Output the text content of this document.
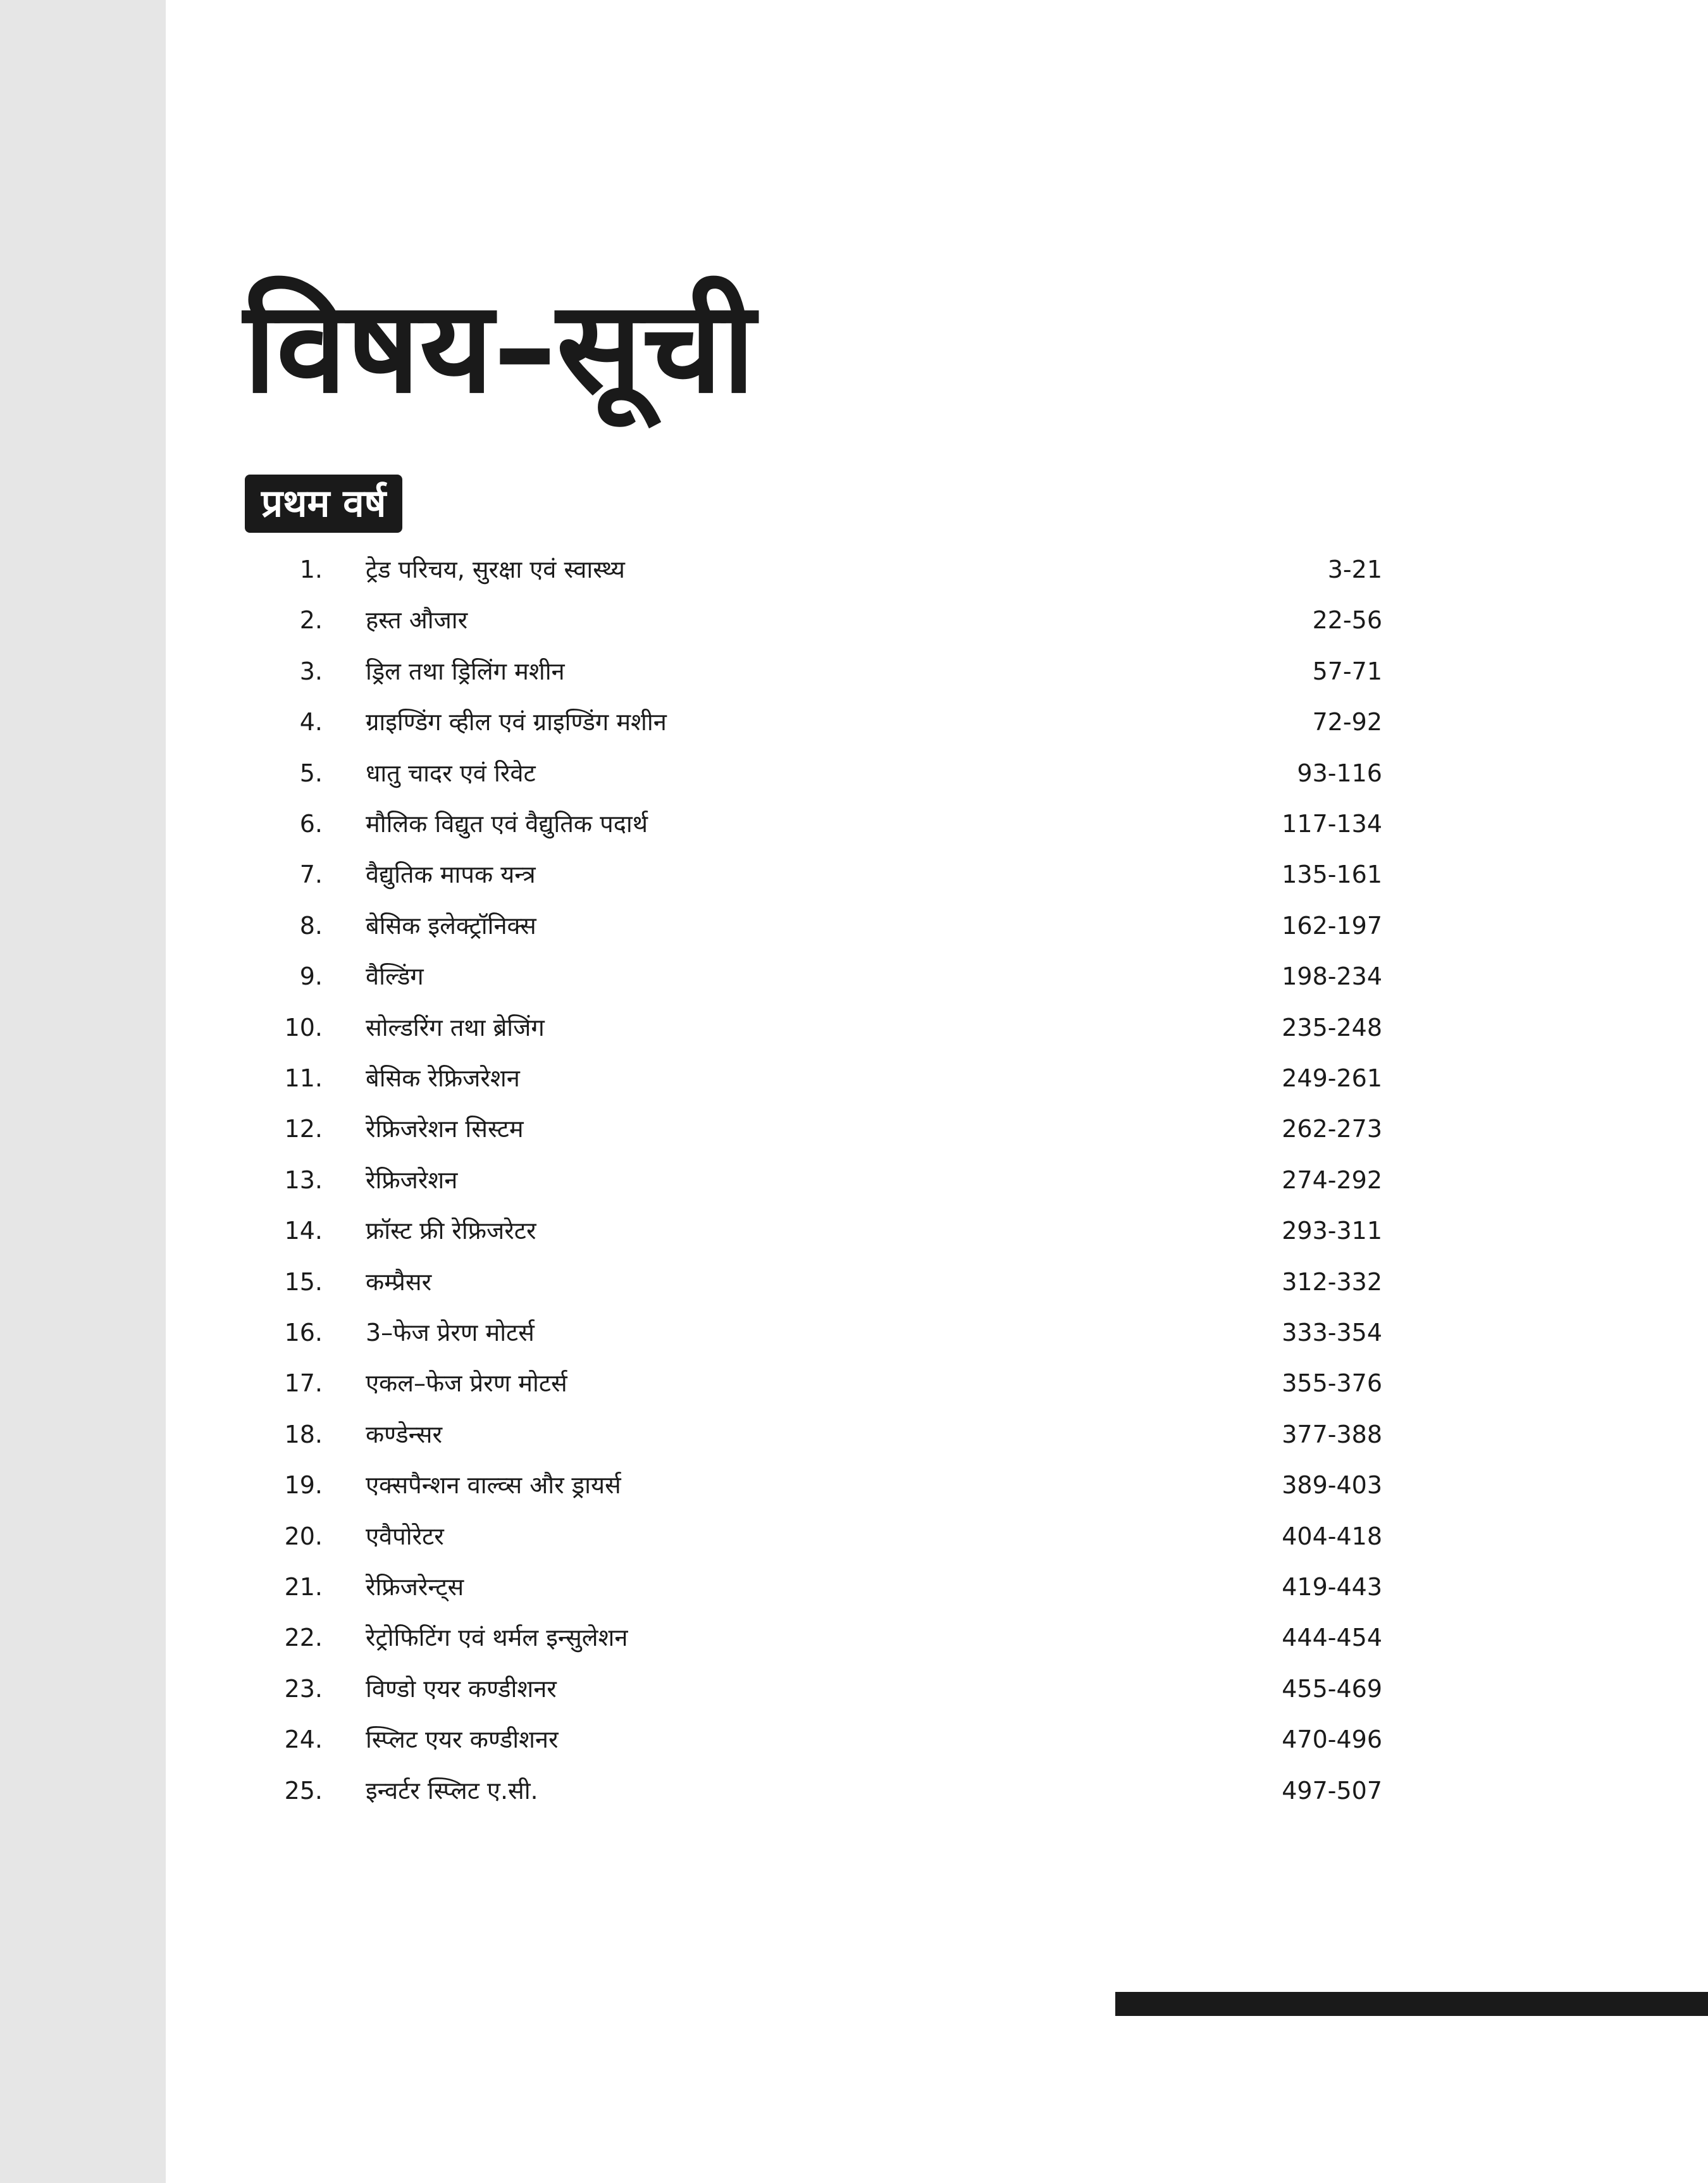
विषय–सूची
प्रथम वर्ष
1. ट्रेड परिचय, सुरक्षा एवं स्वास्थ्य	3-21
2. हस्त औजार	22-56
3. ड्रिल तथा ड्रिलिंग मशीन	57-71
4. ग्राइण्डिंग व्हील एवं ग्राइण्डिंग मशीन	72-92
5. धातु चादर एवं रिवेट	93-116
6. मौलिक विद्युत एवं वैद्युतिक पदार्थ	117-134
7. वैद्युतिक मापक यन्त्र	135-161
8. बेसिक इलेक्ट्रॉनिक्स	162-197
9. वैल्डिंग	198-234
10. सोल्डरिंग तथा ब्रेजिंग	235-248
11. बेसिक रेफ्रिजरेशन	249-261
12. रेफ्रिजरेशन सिस्टम	262-273
13. रेफ्रिजरेशन	274-292
14. फ्रॉस्ट फ्री रेफ्रिजरेटर	293-311
15. कम्प्रैसर	312-332
16. 3–फेज प्रेरण मोटर्स	333-354
17. एकल–फेज प्रेरण मोटर्स	355-376
18. कण्डेन्सर	377-388
19. एक्सपैन्शन वाल्व्स और ड्रायर्स	389-403
20. एवैपोरेटर	404-418
21. रेफ्रिजरेन्ट्स	419-443
22. रेट्रोफिटिंग एवं थर्मल इन्सुलेशन	444-454
23. विण्डो एयर कण्डीशनर	455-469
24. स्प्लिट एयर कण्डीशनर	470-496
25. इन्वर्टर स्प्लिट ए.सी.	497-507
